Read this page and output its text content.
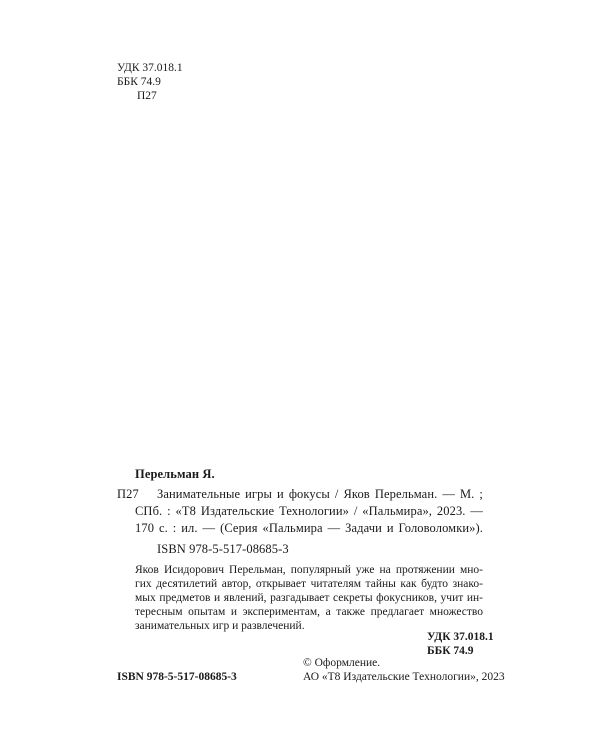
УДК 37.018.1
ББК 74.9
П27
Перельман Я.
П27 Занимательные игры и фокусы / Яков Перельман. — М. ;
СПб. : «Т8 Издательские Технологии» / «Пальмира», 2023. —
170 с. : ил. — (Серия «Пальмира — Задачи и Головоломки»).
ISBN 978-5-517-08685-3
Яков Исидорович Перельман, популярный уже на протяжении мно-
гих десятилетий автор, открывает читателям тайны как будто знако-
мых предметов и явлений, разгадывает секреты фокусников, учит ин-
тересным опытам и экспериментам, а также предлагает множество
занимательных игр и развлечений.
УДК 37.018.1
ББК 74.9
© Оформление.
ISBN 978-5-517-08685-3	АО «Т8 Издательские Технологии», 2023
